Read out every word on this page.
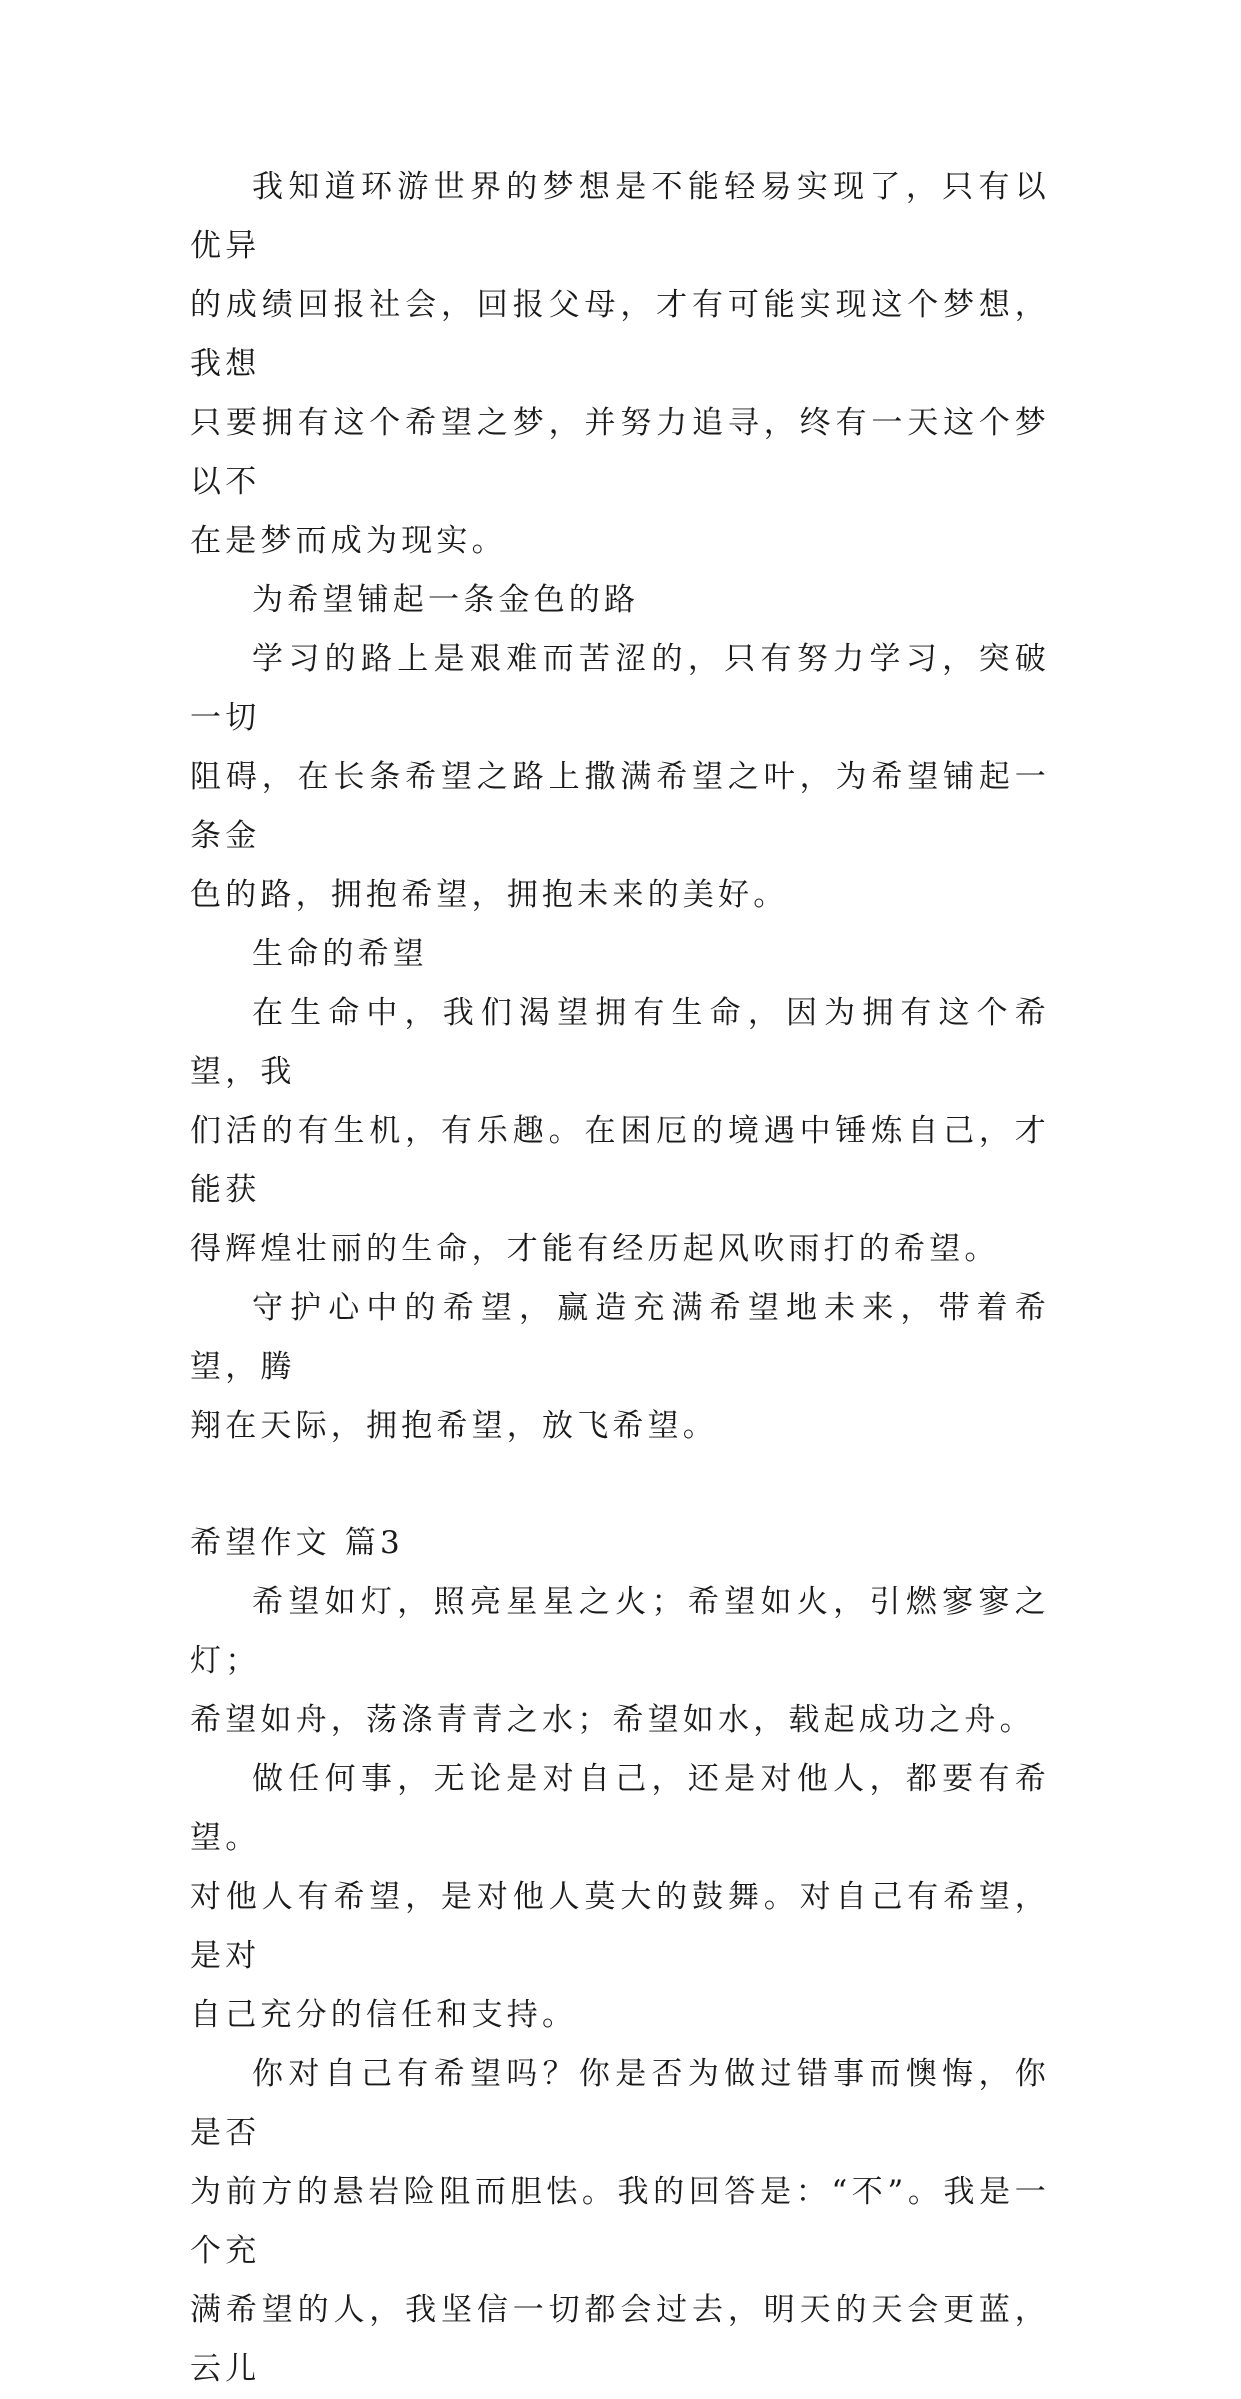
我知道环游世界的梦想是不能轻易实现了，只有以优异
的成绩回报社会，回报父母，才有可能实现这个梦想，我想
只要拥有这个希望之梦，并努力追寻，终有一天这个梦以不
在是梦而成为现实。

为希望铺起一条金色的路

学习的路上是艰难而苦涩的，只有努力学习，突破一切
阻碍，在长条希望之路上撒满希望之叶，为希望铺起一条金
色的路，拥抱希望，拥抱未来的美好。

生命的希望

在生命中，我们渴望拥有生命，因为拥有这个希望，我
们活的有生机，有乐趣。在困厄的境遇中锤炼自己，才能获
得辉煌壮丽的生命，才能有经历起风吹雨打的希望。

守护心中的希望，赢造充满希望地未来，带着希望，腾
翔在天际，拥抱希望，放飞希望。

希望作文 篇3

希望如灯，照亮星星之火；希望如火，引燃寥寥之灯；
希望如舟，荡涤青青之水；希望如水，载起成功之舟。

做任何事，无论是对自己，还是对他人，都要有希望。
对他人有希望，是对他人莫大的鼓舞。对自己有希望，是对
自己充分的信任和支持。

你对自己有希望吗？你是否为做过错事而懊悔，你是否
为前方的悬岩险阻而胆怯。我的回答是：“不”。我是一个充
满希望的人，我坚信一切都会过去，明天的天会更蓝，云儿
